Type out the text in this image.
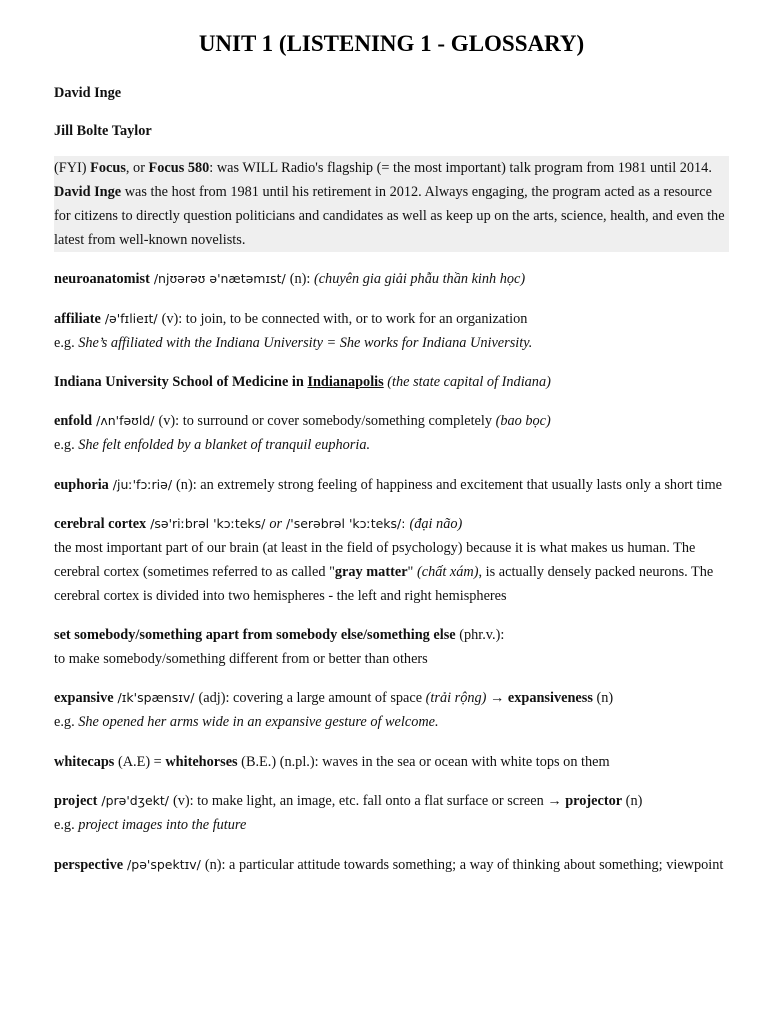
UNIT 1 (LISTENING 1 - GLOSSARY)

David Inge

Jill Bolte Taylor

(FYI) Focus, or Focus 580: was WILL Radio's flagship (= the most important) talk program from 1981 until 2014. David Inge was the host from 1981 until his retirement in 2012. Always engaging, the program acted as a resource for citizens to directly question politicians and candidates as well as keep up on the arts, science, health, and even the latest from well-known novelists.

neuroanatomist /njʊərəʊ ə'nætəmɪst/ (n): (chuyên gia giải phẫu thần kinh học)

affiliate /ə'fɪlieɪt/ (v): to join, to be connected with, or to work for an organization

e.g. She’s affiliated with the Indiana University = She works for Indiana University.

Indiana University School of Medicine in Indianapolis (the state capital of Indiana)

enfold /ʌn'fəʊld/ (v): to surround or cover somebody/something completely (bao bọc)

e.g. She felt enfolded by a blanket of tranquil euphoria.

euphoria /juː'fɔːriə/ (n): an extremely strong feeling of happiness and excitement that usually lasts only a short time

cerebral cortex /sə'riːbrəl 'kɔːteks/ or /'serəbrəl 'kɔːteks/: (đại não)

the most important part of our brain (at least in the field of psychology) because it is what makes us human. The cerebral cortex (sometimes referred to as called "gray matter" (chất xám), is actually densely packed neurons. The cerebral cortex is divided into two hemispheres - the left and right hemispheres

set somebody/something apart from somebody else/something else (phr.v.):

to make somebody/something different from or better than others

expansive /ɪk'spænsɪv/ (adj): covering a large amount of space (trải rộng) → expansiveness (n)

e.g. She opened her arms wide in an expansive gesture of welcome.

whitecaps (A.E) = whitehorses (B.E.) (n.pl.): waves in the sea or ocean with white tops on them

project /prə'dʒekt/ (v): to make light, an image, etc. fall onto a flat surface or screen → projector (n)

e.g. project images into the future

perspective /pə'spektɪv/ (n): a particular attitude towards something; a way of thinking about something; viewpoint
